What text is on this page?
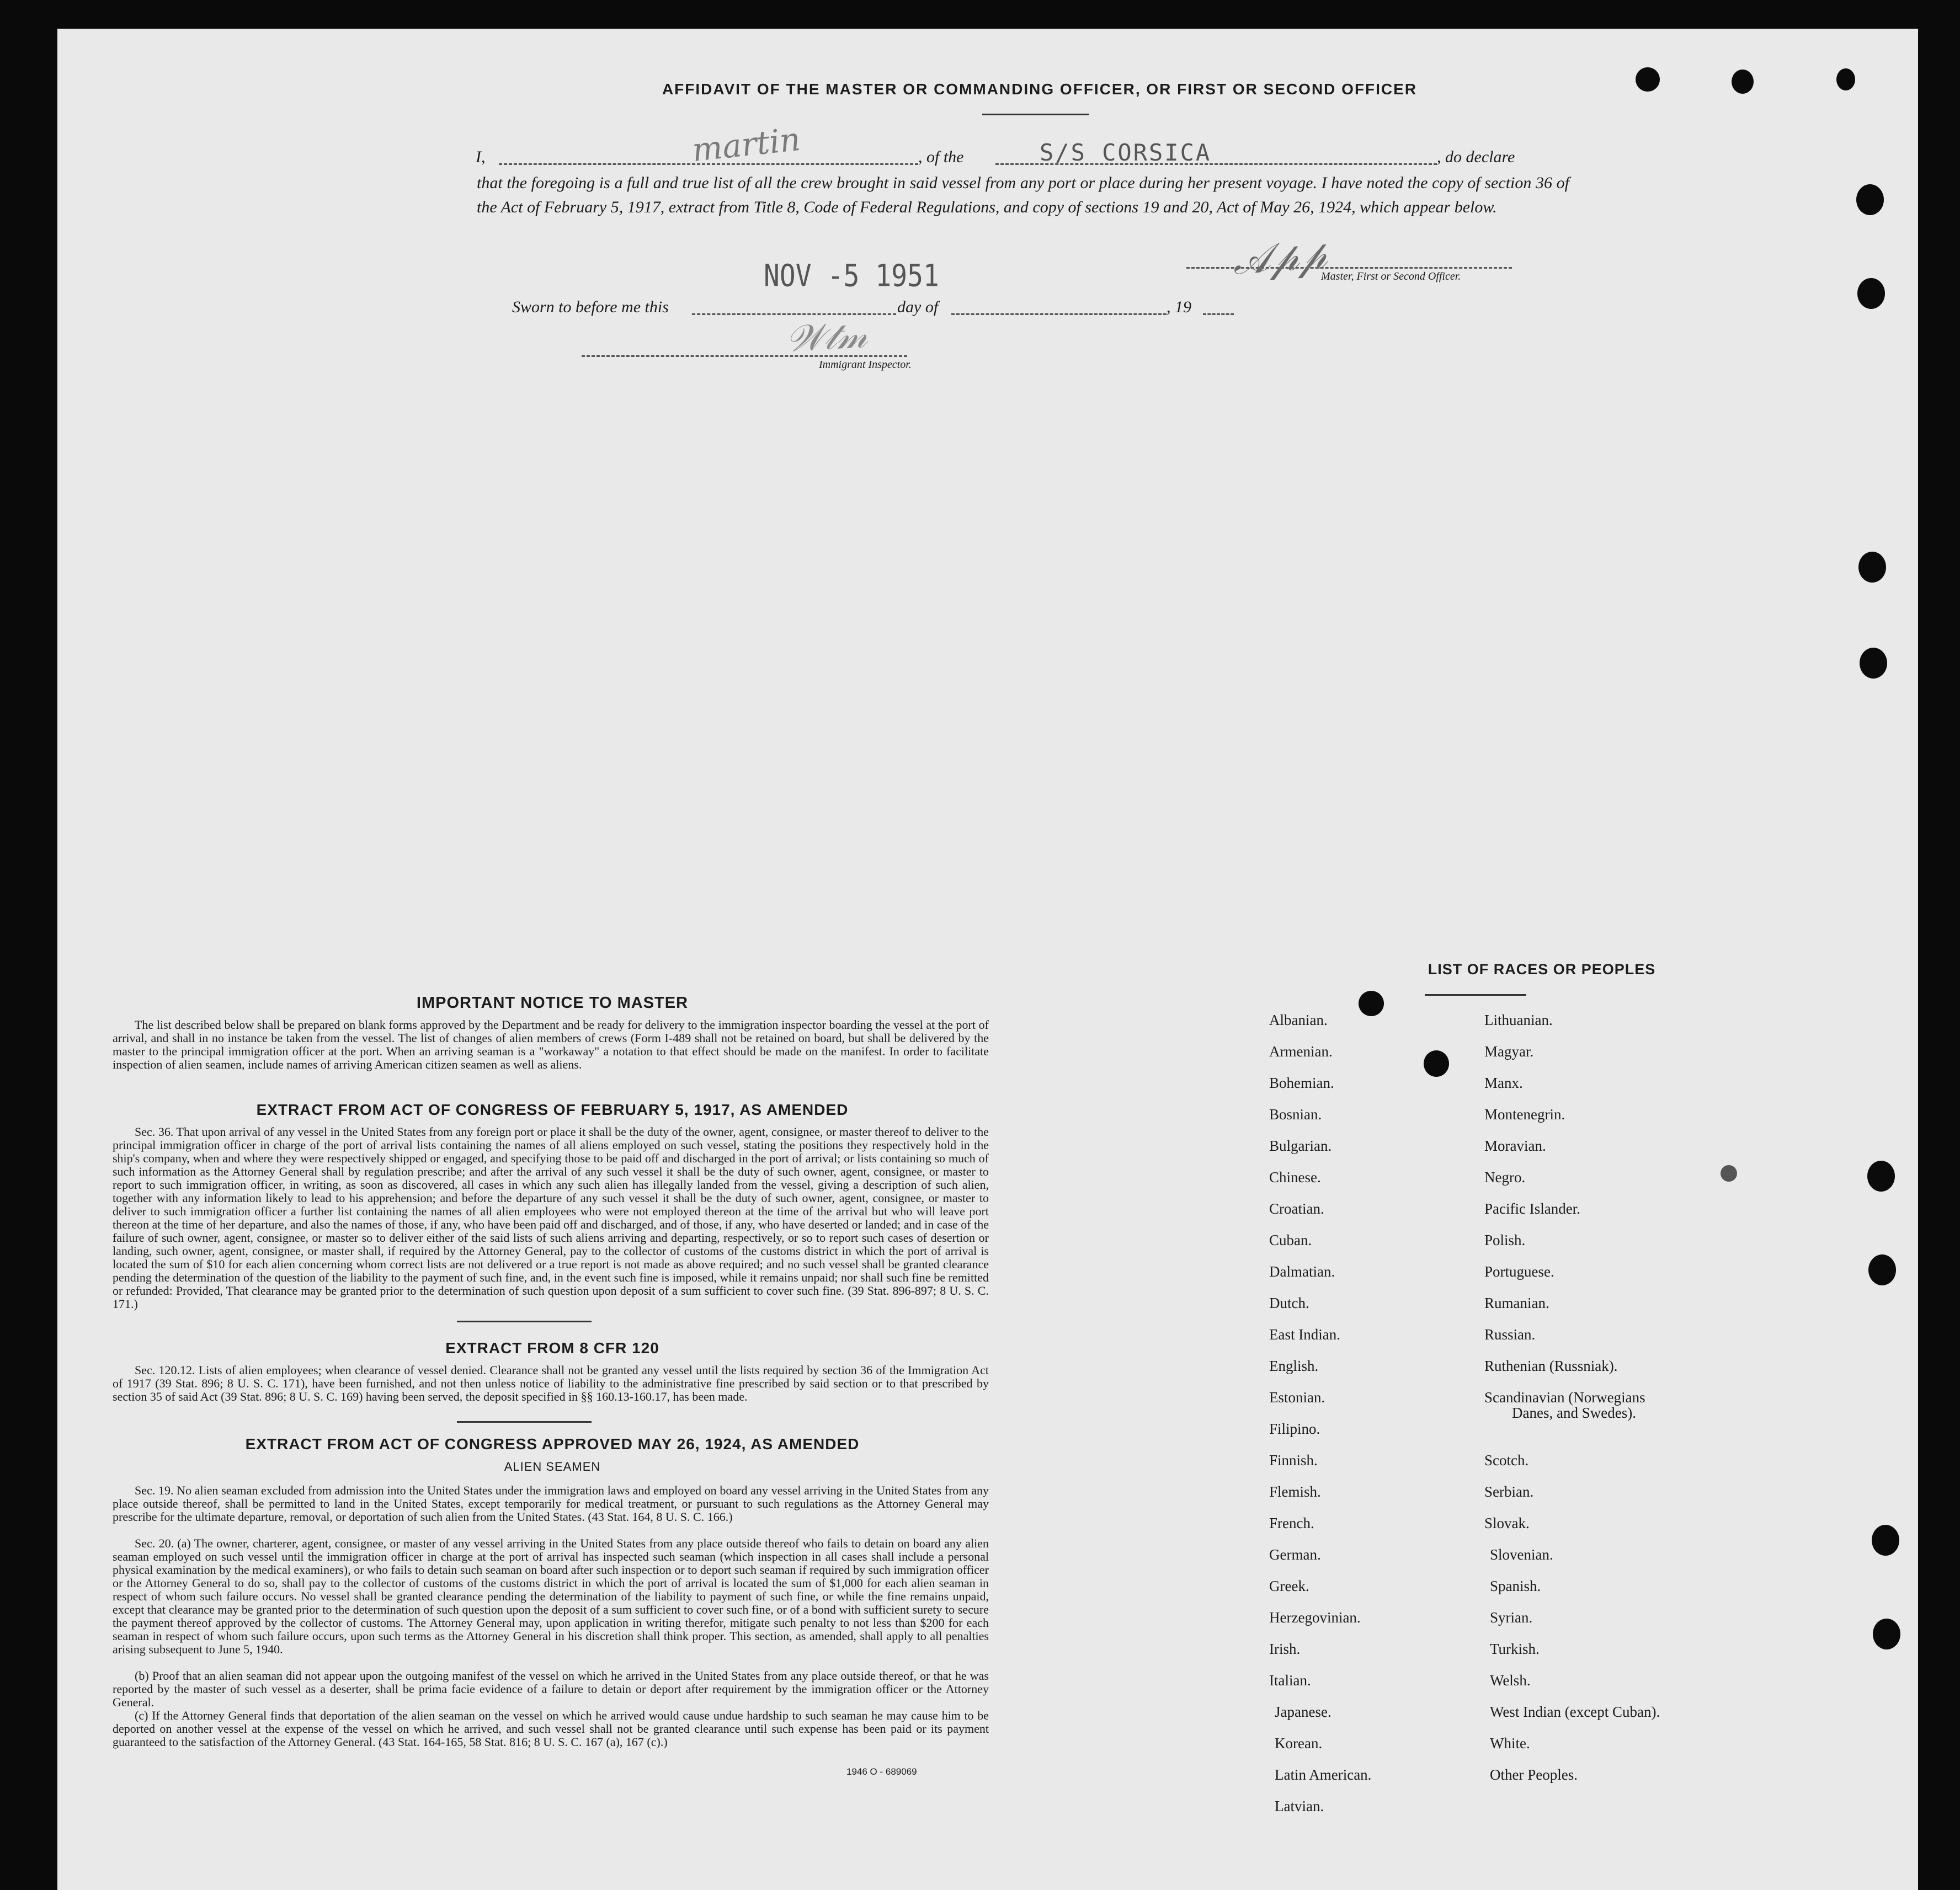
AFFIDAVIT OF THE MASTER OR COMMANDING OFFICER, OR FIRST OR SECOND OFFICER
I,	martin	, of the	S/S CORSICA	, do declare
that the foregoing is a full and true list of all the crew brought in said vessel from any port or place during her present voyage. I have noted the copy of section 36 of the Act of February 5, 1917, extract from Title 8, Code of Federal Regulations, and copy of sections 19 and 20, Act of May 26, 1924, which appear below.
NOV -5 1951
Sworn to before me this	day of	, 19
𝒜𝓅𝓅
Master, First or Second Officer.
𝒲𝓉𝓂
Immigrant Inspector.
IMPORTANT NOTICE TO MASTER
The list described below shall be prepared on blank forms approved by the Department and be ready for delivery to the immigration inspector boarding the vessel at the port of arrival, and shall in no instance be taken from the vessel. The list of changes of alien members of crews (Form I-489 shall not be retained on board, but shall be delivered by the master to the principal immigration officer at the port. When an arriving seaman is a "workaway" a notation to that effect should be made on the manifest. In order to facilitate inspection of alien seamen, include names of arriving American citizen seamen as well as aliens.
EXTRACT FROM ACT OF CONGRESS OF FEBRUARY 5, 1917, AS AMENDED
Sec. 36. That upon arrival of any vessel in the United States from any foreign port or place it shall be the duty of the owner, agent, consignee, or master thereof to deliver to the principal immigration officer in charge of the port of arrival lists containing the names of all aliens employed on such vessel, stating the positions they respectively hold in the ship's company, when and where they were respectively shipped or engaged, and specifying those to be paid off and discharged in the port of arrival; or lists containing so much of such information as the Attorney General shall by regulation prescribe; and after the arrival of any such vessel it shall be the duty of such owner, agent, consignee, or master to report to such immigration officer, in writing, as soon as discovered, all cases in which any such alien has illegally landed from the vessel, giving a description of such alien, together with any information likely to lead to his apprehension; and before the departure of any such vessel it shall be the duty of such owner, agent, consignee, or master to deliver to such immigration officer a further list containing the names of all alien employees who were not employed thereon at the time of the arrival but who will leave port thereon at the time of her departure, and also the names of those, if any, who have been paid off and discharged, and of those, if any, who have deserted or landed; and in case of the failure of such owner, agent, consignee, or master so to deliver either of the said lists of such aliens arriving and departing, respectively, or so to report such cases of desertion or landing, such owner, agent, consignee, or master shall, if required by the Attorney General, pay to the collector of customs of the customs district in which the port of arrival is located the sum of $10 for each alien concerning whom correct lists are not delivered or a true report is not made as above required; and no such vessel shall be granted clearance pending the determination of the question of the liability to the payment of such fine, and, in the event such fine is imposed, while it remains unpaid; nor shall such fine be remitted or refunded: Provided, That clearance may be granted prior to the determination of such question upon deposit of a sum sufficient to cover such fine. (39 Stat. 896-897; 8 U. S. C. 171.)
EXTRACT FROM 8 CFR 120
Sec. 120.12. Lists of alien employees; when clearance of vessel denied. Clearance shall not be granted any vessel until the lists required by section 36 of the Immigration Act of 1917 (39 Stat. 896; 8 U. S. C. 171), have been furnished, and not then unless notice of liability to the administrative fine prescribed by said section or to that prescribed by section 35 of said Act (39 Stat. 896; 8 U. S. C. 169) having been served, the deposit specified in §§ 160.13-160.17, has been made.
EXTRACT FROM ACT OF CONGRESS APPROVED MAY 26, 1924, AS AMENDED
ALIEN SEAMEN
Sec. 19. No alien seaman excluded from admission into the United States under the immigration laws and employed on board any vessel arriving in the United States from any place outside thereof, shall be permitted to land in the United States, except temporarily for medical treatment, or pursuant to such regulations as the Attorney General may prescribe for the ultimate departure, removal, or deportation of such alien from the United States. (43 Stat. 164, 8 U. S. C. 166.)
Sec. 20. (a) The owner, charterer, agent, consignee, or master of any vessel arriving in the United States from any place outside thereof who fails to detain on board any alien seaman employed on such vessel until the immigration officer in charge at the port of arrival has inspected such seaman (which inspection in all cases shall include a personal physical examination by the medical examiners), or who fails to detain such seaman on board after such inspection or to deport such seaman if required by such immigration officer or the Attorney General to do so, shall pay to the collector of customs of the customs district in which the port of arrival is located the sum of $1,000 for each alien seaman in respect of whom such failure occurs. No vessel shall be granted clearance pending the determination of the liability to payment of such fine, or while the fine remains unpaid, except that clearance may be granted prior to the determination of such question upon the deposit of a sum sufficient to cover such fine, or of a bond with sufficient surety to secure the payment thereof approved by the collector of customs. The Attorney General may, upon application in writing therefor, mitigate such penalty to not less than $200 for each seaman in respect of whom such failure occurs, upon such terms as the Attorney General in his discretion shall think proper. This section, as amended, shall apply to all penalties arising subsequent to June 5, 1940.
(b) Proof that an alien seaman did not appear upon the outgoing manifest of the vessel on which he arrived in the United States from any place outside thereof, or that he was reported by the master of such vessel as a deserter, shall be prima facie evidence of a failure to detain or deport after requirement by the immigration officer or the Attorney General.
(c) If the Attorney General finds that deportation of the alien seaman on the vessel on which he arrived would cause undue hardship to such seaman he may cause him to be deported on another vessel at the expense of the vessel on which he arrived, and such vessel shall not be granted clearance until such expense has been paid or its payment guaranteed to the satisfaction of the Attorney General. (43 Stat. 164-165, 58 Stat. 816; 8 U. S. C. 167 (a), 167 (c).)
1946 O - 689069
LIST OF RACES OR PEOPLES
Albanian.
Armenian.
Bohemian.
Bosnian.
Bulgarian.
Chinese.
Croatian.
Cuban.
Dalmatian.
Dutch.
East Indian.
English.
Estonian.
Filipino.
Finnish.
Flemish.
French.
German.
Greek.
Herzegovinian.
Irish.
Italian.
Japanese.
Korean.
Latin American.
Latvian.
Lithuanian.
Magyar.
Manx.
Montenegrin.
Moravian.
Negro.
Pacific Islander.
Polish.
Portuguese.
Rumanian.
Russian.
Ruthenian (Russniak).
Scandinavian (Norwegians
Danes, and Swedes).
Scotch.
Serbian.
Slovak.
Slovenian.
Spanish.
Syrian.
Turkish.
Welsh.
West Indian (except Cuban).
White.
Other Peoples.
